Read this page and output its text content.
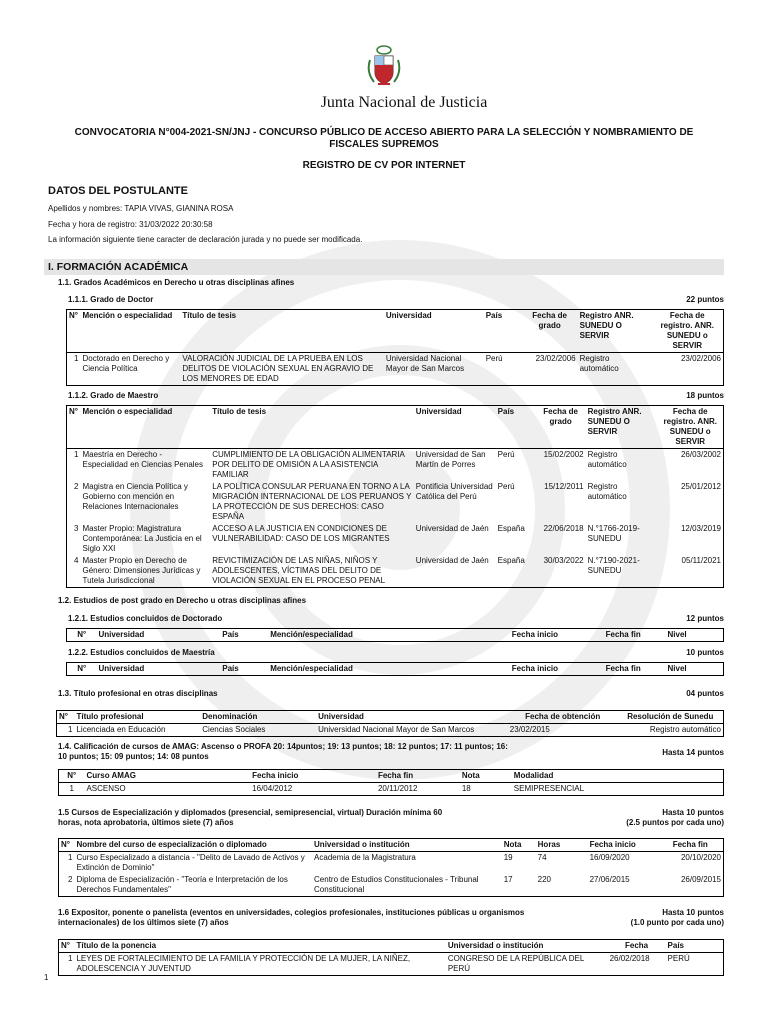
Junta Nacional de Justicia
CONVOCATORIA N°004-2021-SN/JNJ - CONCURSO PÚBLICO DE ACCESO ABIERTO PARA LA SELECCIÓN Y NOMBRAMIENTO DE FISCALES SUPREMOS
REGISTRO DE CV POR INTERNET
DATOS DEL POSTULANTE
Apellidos y nombres: TAPIA VIVAS, GIANINA ROSA
Fecha y hora de registro: 31/03/2022 20:30:58
La información siguiente tiene caracter de declaración jurada y no puede ser modificada.
I. FORMACIÓN ACADÉMICA
1.1. Grados Académicos en Derecho u otras disciplinas afines
1.1.1. Grado de Doctor	22 puntos
N°	Mención o especialidad	Título de tesis	Universidad	País	Fecha de grado	Registro ANR. SUNEDU O SERVIR	Fecha de registro. ANR. SUNEDU o SERVIR
1	Doctorado en Derecho y Ciencia Política	VALORACIÓN JUDICIAL DE LA PRUEBA EN LOS DELITOS DE VIOLACIÓN SEXUAL EN AGRAVIO DE LOS MENORES DE EDAD	Universidad Nacional Mayor de San Marcos	Perú	23/02/2006	Registro automático	23/02/2006
1.1.2. Grado de Maestro	18 puntos
N°	Mención o especialidad	Título de tesis	Universidad	País	Fecha de grado	Registro ANR. SUNEDU O SERVIR	Fecha de registro. ANR. SUNEDU o SERVIR
1	Maestría en Derecho - Especialidad en Ciencias Penales	CUMPLIMIENTO DE LA OBLIGACIÓN ALIMENTARIA POR DELITO DE OMISIÓN A LA ASISTENCIA FAMILIAR	Universidad de San Martín de Porres	Perú	15/02/2002	Registro automático	26/03/2002
2	Magistra en Ciencia Política y Gobierno con mención en Relaciones Internacionales	LA POLÍTICA CONSULAR PERUANA EN TORNO A LA MIGRACIÓN INTERNACIONAL DE LOS PERUANOS Y LA PROTECCIÓN DE SUS DERECHOS: CASO ESPAÑA	Pontificia Universidad Católica del Perú	Perú	15/12/2011	Registro automático	25/01/2012
3	Master Propio: Magistratura Contemporánea: La Justicia en el Siglo XXI	ACCESO A LA JUSTICIA EN CONDICIONES DE VULNERABILIDAD: CASO DE LOS MIGRANTES	Universidad de Jaén	España	22/06/2018	N.°1766-2019-SUNEDU	12/03/2019
4	Master Propio en Derecho de Género: Dimensiones Jurídicas y Tutela Jurisdiccional	REVICTIMIZACIÓN DE LAS NIÑAS, NIÑOS Y ADOLESCENTES, VÍCTIMAS DEL DELITO DE VIOLACIÓN SEXUAL EN EL PROCESO PENAL	Universidad de Jaén	España	30/03/2022	N.°7190-2021-SUNEDU	05/11/2021
1.2. Estudios de post grado en Derecho u otras disciplinas afines
1.2.1. Estudios concluidos de Doctorado	12 puntos
N°	Universidad	País	Mención/especialidad	Fecha inicio	Fecha fin	Nivel
1.2.2. Estudios concluidos de Maestría	10 puntos
N°	Universidad	País	Mención/especialidad	Fecha inicio	Fecha fin	Nivel
1.3. Título profesional en otras disciplinas	04 puntos
N°	Título profesional	Denominación	Universidad	Fecha de obtención	Resolución de Sunedu
1	Licenciada en Educación	Ciencias Sociales	Universidad Nacional Mayor de San Marcos	23/02/2015	Registro automático
1.4. Calificación de cursos de AMAG: Ascenso o PROFA 20: 14puntos; 19: 13 puntos; 18: 12 puntos; 17: 11 puntos; 16: 10 puntos; 15: 09 puntos; 14: 08 puntos	Hasta 14 puntos
N°	Curso AMAG	Fecha inicio	Fecha fin	Nota	Modalidad
1	ASCENSO	16/04/2012	20/11/2012	18	SEMIPRESENCIAL
1.5 Cursos de Especialización y diplomados (presencial, semipresencial, virtual) Duración mínima 60 horas, nota aprobatoria, últimos siete (7) años
Hasta 10 puntos
(2.5 puntos por cada uno)
N°	Nombre del curso de especialización o diplomado	Universidad o institución	Nota	Horas	Fecha inicio	Fecha fin
1	Curso Especializado a distancia - "Delito de Lavado de Activos y Extinción de Dominio"	Academia de la Magistratura	19	74	16/09/2020	20/10/2020
2	Diploma de Especialización - "Teoría e Interpretación de los Derechos Fundamentales"	Centro de Estudios Constitucionales - Tribunal Constitucional	17	220	27/06/2015	26/09/2015
1.6 Expositor, ponente o panelista (eventos en universidades, colegios profesionales, instituciones públicas u organismos internacionales) de los últimos siete (7) años
Hasta 10 puntos
(1.0 punto por cada uno)
N°	Título de la ponencia	Universidad o institución	Fecha	País
1	LEYES DE FORTALECIMIENTO DE LA FAMILIA Y PROTECCIÓN DE LA MUJER, LA NIÑEZ, ADOLESCENCIA Y JUVENTUD	CONGRESO DE LA REPÚBLICA DEL PERÚ	26/02/2018	PERÚ
1
